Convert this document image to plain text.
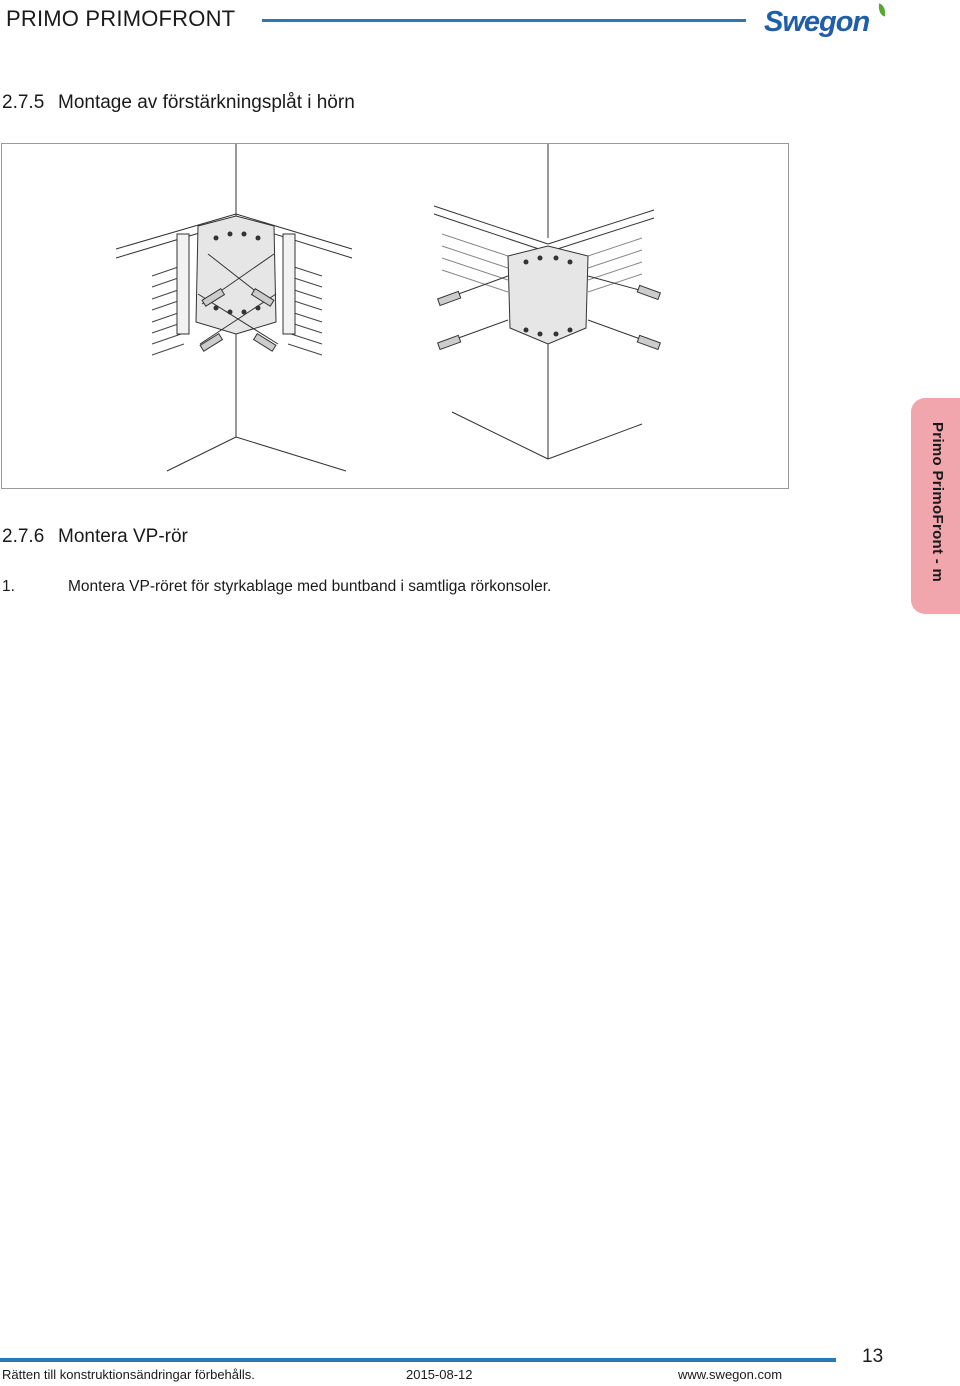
PRIMO PRIMOFRONT	Swegon
2.7.5 Montage av förstärkningsplåt i hörn
2.7.6 Montera VP-rör
1.	Montera VP-röret för styrkablage med buntband i samtliga rörkonsoler.
Primo PrimoFront - m
13
Rätten till konstruktionsändringar förbehålls.	2015-08-12	www.swegon.com
